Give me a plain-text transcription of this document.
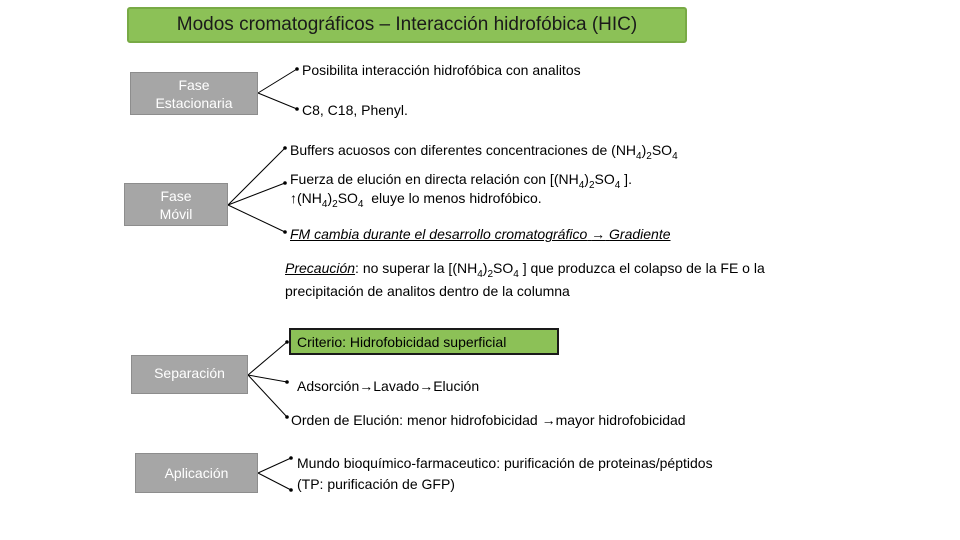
Modos cromatográficos – Interacción hidrofóbica (HIC)
Fase
Estacionaria
Fase
Móvil
Separación
Aplicación
Posibilita interacción hidrofóbica con analitos
C8, C18, Phenyl.
Buffers acuosos con diferentes concentraciones de $(NH_4)_2SO_4$
Fuerza de elución en directa relación con [$(NH_4)_2SO_4$ ].
$↑(NH_4)_2SO_4$  eluye lo menos hidrofóbico.
FM cambia durante el desarrollo cromatográfico → Gradiente
Precaución: no superar la [$(NH_4)_2SO_4$ ] que produzca el colapso de la FE o la
precipitación de analitos dentro de la columna
Criterio: Hidrofobicidad superficial
Adsorción→Lavado→Elución
Orden de Elución: menor hidrofobicidad →mayor hidrofobicidad
Mundo bioquímico-farmaceutico: purificación de proteinas/péptidos
(TP: purificación de GFP)
